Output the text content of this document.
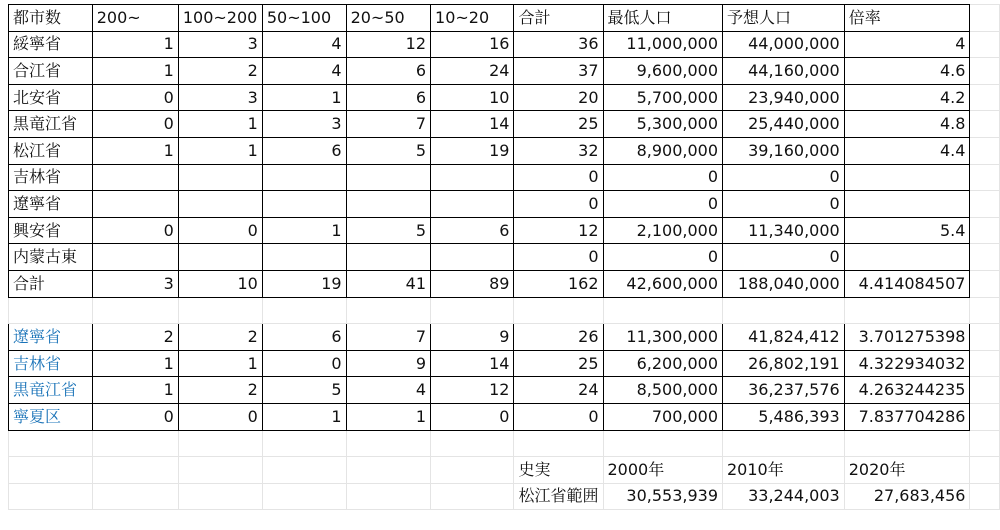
都市数	200~	100~200	50~100	20~50	10~20	合計	最低人口	予想人口	倍率	
綏寧省	1	3	4	12	16	36	11,000,000	44,000,000	4	
合江省	1	2	4	6	24	37	9,600,000	44,160,000	4.6	
北安省	0	3	1	6	10	20	5,700,000	23,940,000	4.2	
黒竜江省	0	1	3	7	14	25	5,300,000	25,440,000	4.8	
松江省	1	1	6	5	19	32	8,900,000	39,160,000	4.4	
吉林省						0	0	0		
遼寧省						0	0	0		
興安省	0	0	1	5	6	12	2,100,000	11,340,000	5.4	
内蒙古東						0	0	0		
合計	3	10	19	41	89	162	42,600,000	188,040,000	4.414084507	

遼寧省	2	2	6	7	9	26	11,300,000	41,824,412	3.701275398	
吉林省	1	1	0	9	14	25	6,200,000	26,802,191	4.322934032	
黒竜江省	1	2	5	4	12	24	8,500,000	36,237,576	4.263244235	
寧夏区	0	0	1	1	0	0	700,000	5,486,393	7.837704286	

						史実	2000年	2010年	2020年	
						松江省範囲	30,553,939	33,244,003	27,683,456	
